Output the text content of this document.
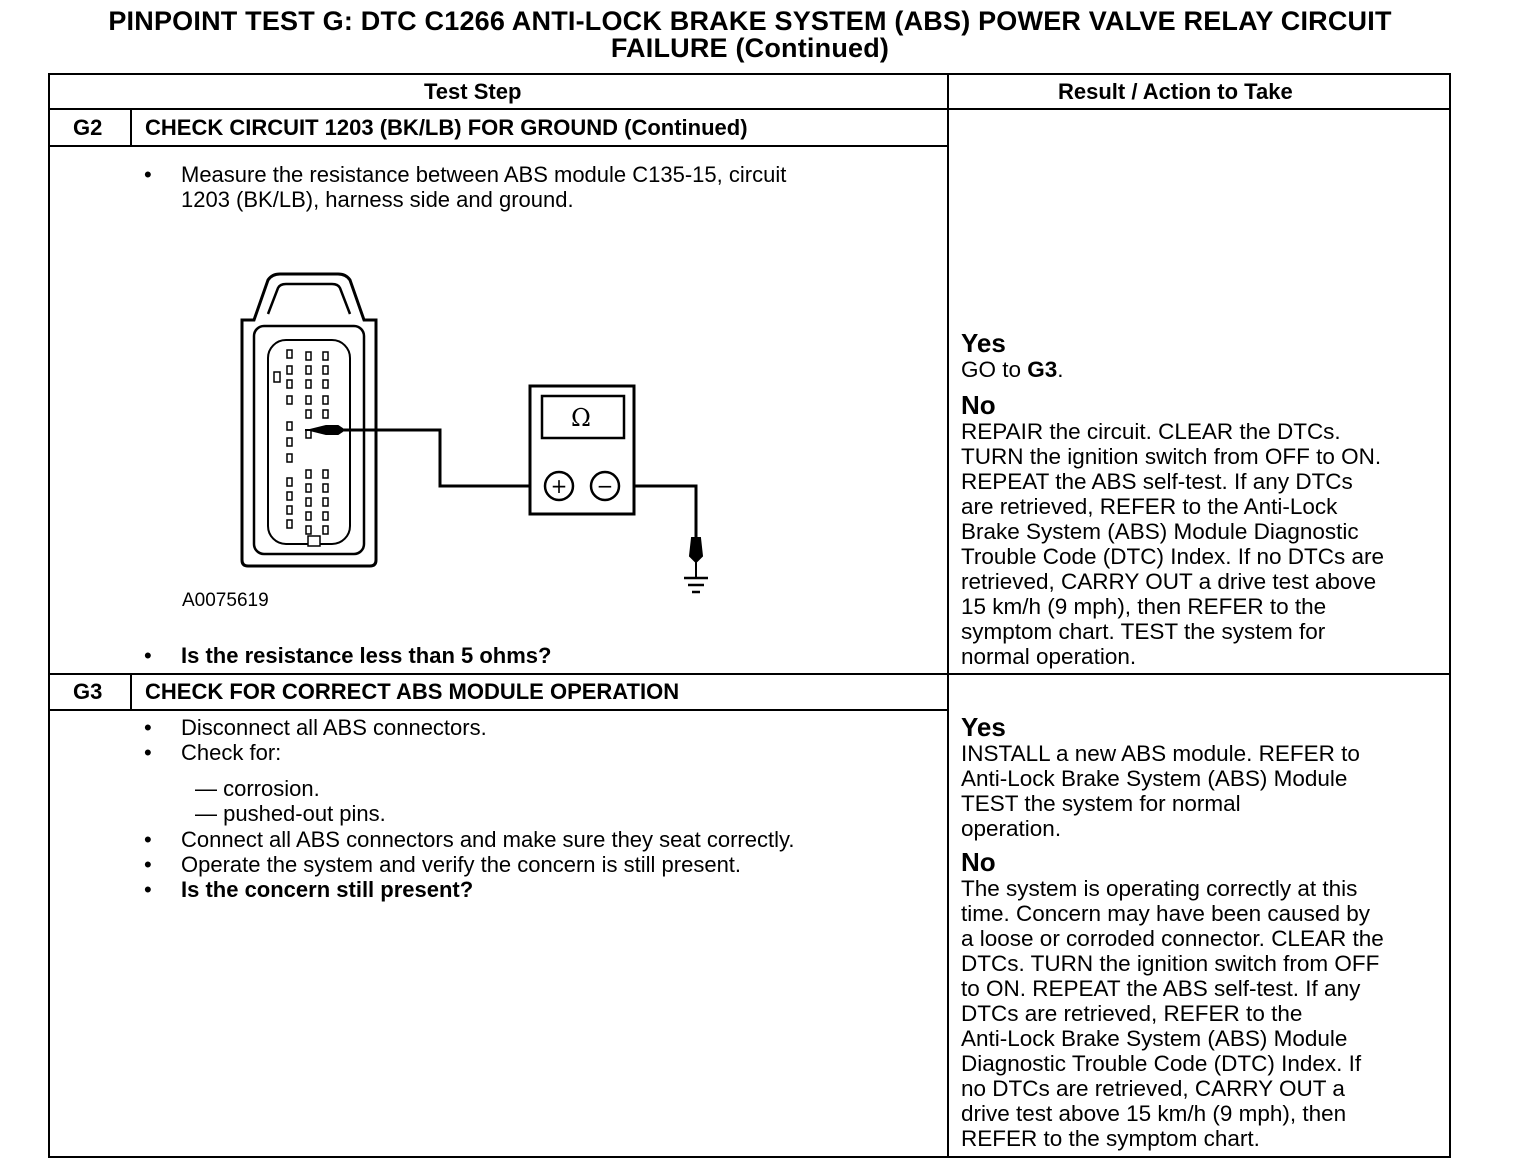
PINPOINT TEST G: DTC C1266 ANTI-LOCK BRAKE SYSTEM (ABS) POWER VALVE RELAY CIRCUIT
FAILURE (Continued)
Test Step	Result / Action to Take
G2 CHECK CIRCUIT 1203 (BK/LB) FOR GROUND (Continued)
• Measure the resistance between ABS module C135-15, circuit
1203 (BK/LB), harness side and ground.
Ω
+ −
A0075619
• Is the resistance less than 5 ohms?
Yes
GO to G3.
No
REPAIR the circuit. CLEAR the DTCs.
TURN the ignition switch from OFF to ON.
REPEAT the ABS self-test. If any DTCs
are retrieved, REFER to the Anti-Lock
Brake System (ABS) Module Diagnostic
Trouble Code (DTC) Index. If no DTCs are
retrieved, CARRY OUT a drive test above
15 km/h (9 mph), then REFER to the
symptom chart. TEST the system for
normal operation.
G3 CHECK FOR CORRECT ABS MODULE OPERATION
• Disconnect all ABS connectors.
• Check for:
— corrosion.
— pushed-out pins.
• Connect all ABS connectors and make sure they seat correctly.
• Operate the system and verify the concern is still present.
• Is the concern still present?
Yes
INSTALL a new ABS module. REFER to
Anti-Lock Brake System (ABS) Module
TEST the system for normal
operation.
No
The system is operating correctly at this
time. Concern may have been caused by
a loose or corroded connector. CLEAR the
DTCs. TURN the ignition switch from OFF
to ON. REPEAT the ABS self-test. If any
DTCs are retrieved, REFER to the
Anti-Lock Brake System (ABS) Module
Diagnostic Trouble Code (DTC) Index. If
no DTCs are retrieved, CARRY OUT a
drive test above 15 km/h (9 mph), then
REFER to the symptom chart.
